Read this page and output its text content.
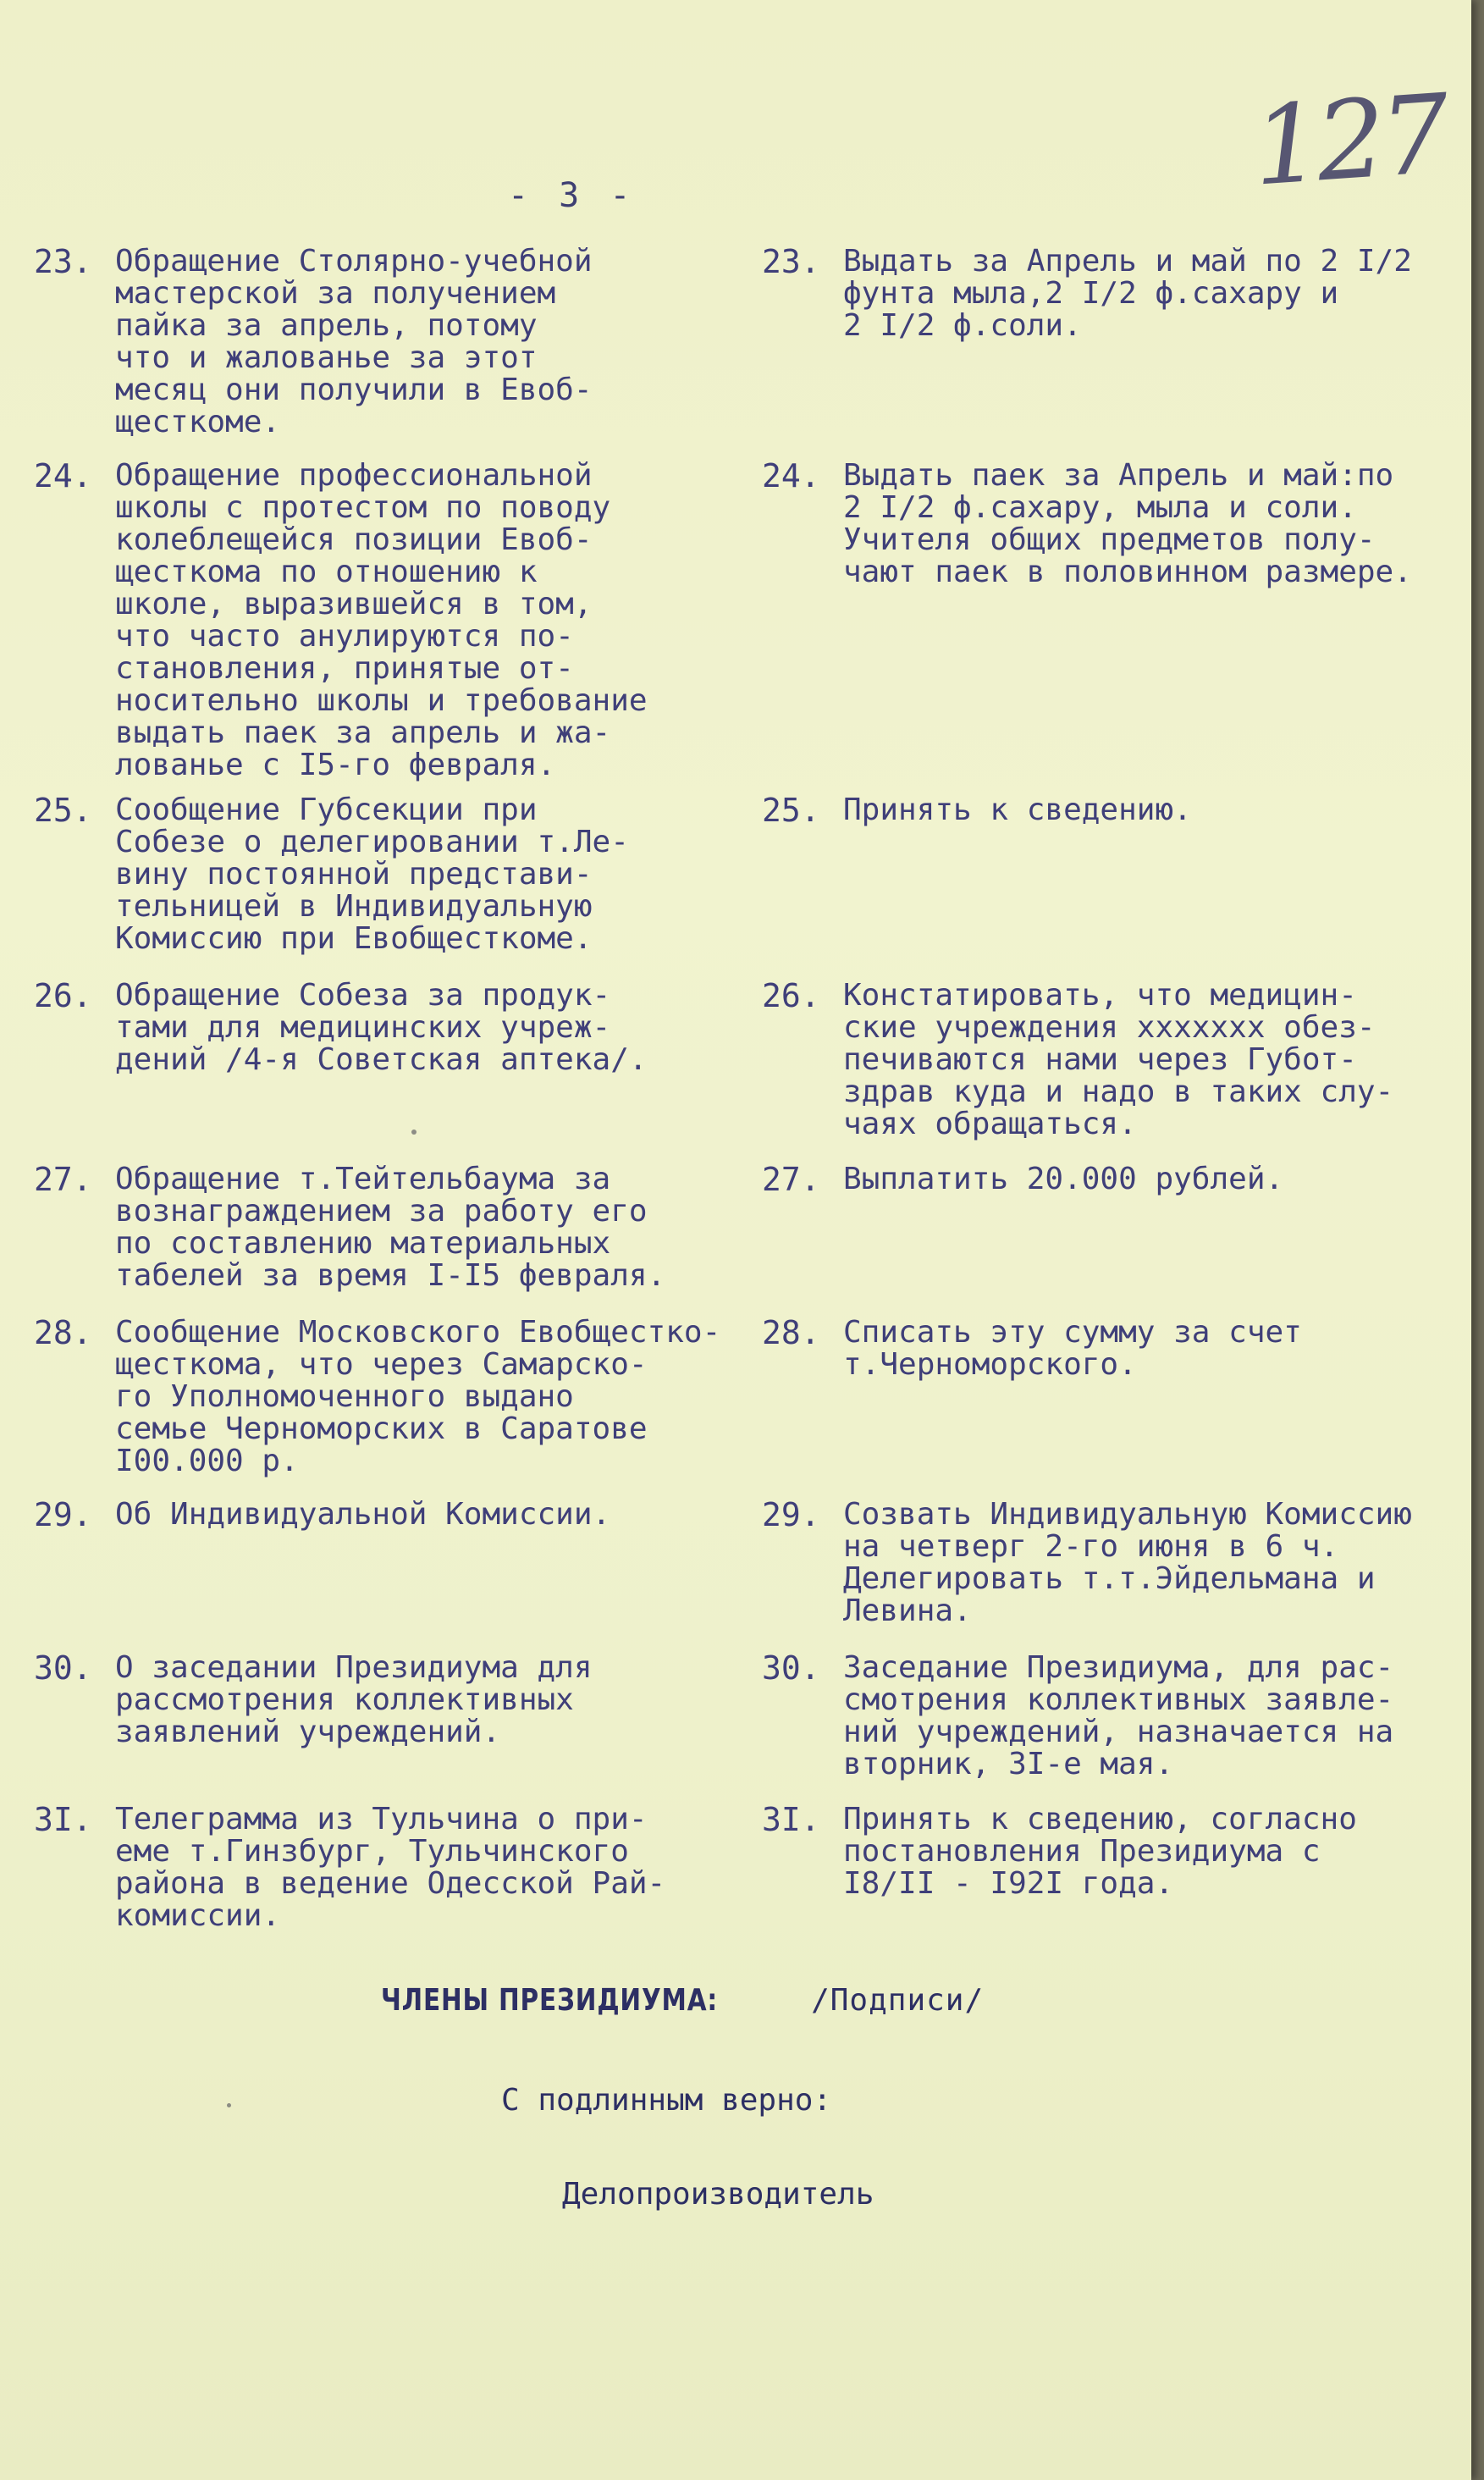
127
- 3 -
23. Обращение Столярно-учебной
мастерской за получением
пайка за апрель, потому
что и жалованье за этот
месяц они получили в Евоб-
щесткоме.
23. Выдать за Апрель и май по 2 I/2
фунта мыла,2 I/2 ф.сахару и
2 I/2 ф.соли.
24. Обращение профессиональной
школы с протестом по поводу
колеблещейся позиции Евоб-
щесткома по отношению к
школе, выразившейся в том,
что часто анулируются по-
становления, принятые от-
носительно школы и требование
выдать паек за апрель и жа-
лованье с I5-го февраля.
24. Выдать паек за Апрель и май:по
2 I/2 ф.сахару, мыла и соли.
Учителя общих предметов полу-
чают паек в половинном размере.
25. Сообщение Губсекции при
Собезе о делегировании т.Ле-
вину постоянной представи-
тельницей в Индивидуальную
Комиссию при Евобщесткоме.
25. Принять к сведению.
26. Обращение Собеза за продук-
тами для медицинских учреж-
дений /4-я Советская аптека/.
26. Констатировать, что медицин-
ские учреждения xxxxxxx обез-
печиваются нами через Губот-
здрав куда и надо в таких слу-
чаях обращаться.
27. Обращение т.Тейтельбаума за
вознаграждением за работу его
по составлению материальных
табелей за время I-I5 февраля.
27. Выплатить 20.000 рублей.
28. Сообщение Московского Евобщестко-
щесткома, что через Самарско-
го Уполномоченного выдано
семье Черноморских в Саратове
I00.000 р.
28. Списать эту сумму за счет
т.Черноморского.
29. Об Индивидуальной Комиссии.	29. Созвать Индивидуальную Комиссию
на четверг 2-го июня в 6 ч.
Делегировать т.т.Эйдельмана и
Левина.
30. О заседании Президиума для
рассмотрения коллективных
заявлений учреждений.
30. Заседание Президиума, для рас-
смотрения коллективных заявле-
ний учреждений, назначается на
вторник, 3I-е мая.
3I. Телеграмма из Тульчина о при-
еме т.Гинзбург, Тульчинского
района в ведение Одесской Рай-
комиссии.
3I. Принять к сведению, согласно
постановления Президиума с
I8/II - I92I года.
ЧЛЕНЫ ПРЕЗИДИУМА:	/Подписи/
С подлинным верно:
Делопроизводитель
